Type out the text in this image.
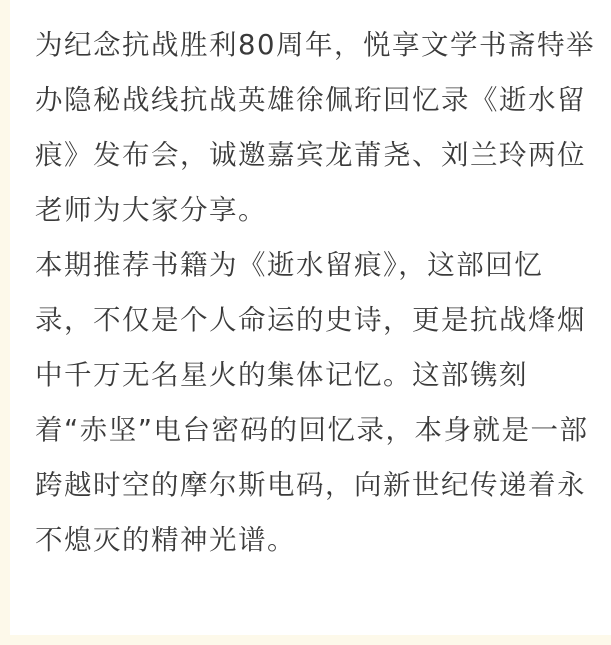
为纪念抗战胜利80周年，悦享文学书斋特举办隐秘战线抗战英雄徐佩珩回忆录《逝水留痕》发布会，诚邀嘉宾龙莆尧、刘兰玲两位老师为大家分享。

本期推荐书籍为《逝水留痕》，这部回忆录，不仅是个人命运的史诗，更是抗战烽烟中千万无名星火的集体记忆。这部镌刻着“赤坚”电台密码的回忆录，本身就是一部跨越时空的摩尔斯电码，向新世纪传递着永不熄灭的精神光谱。
